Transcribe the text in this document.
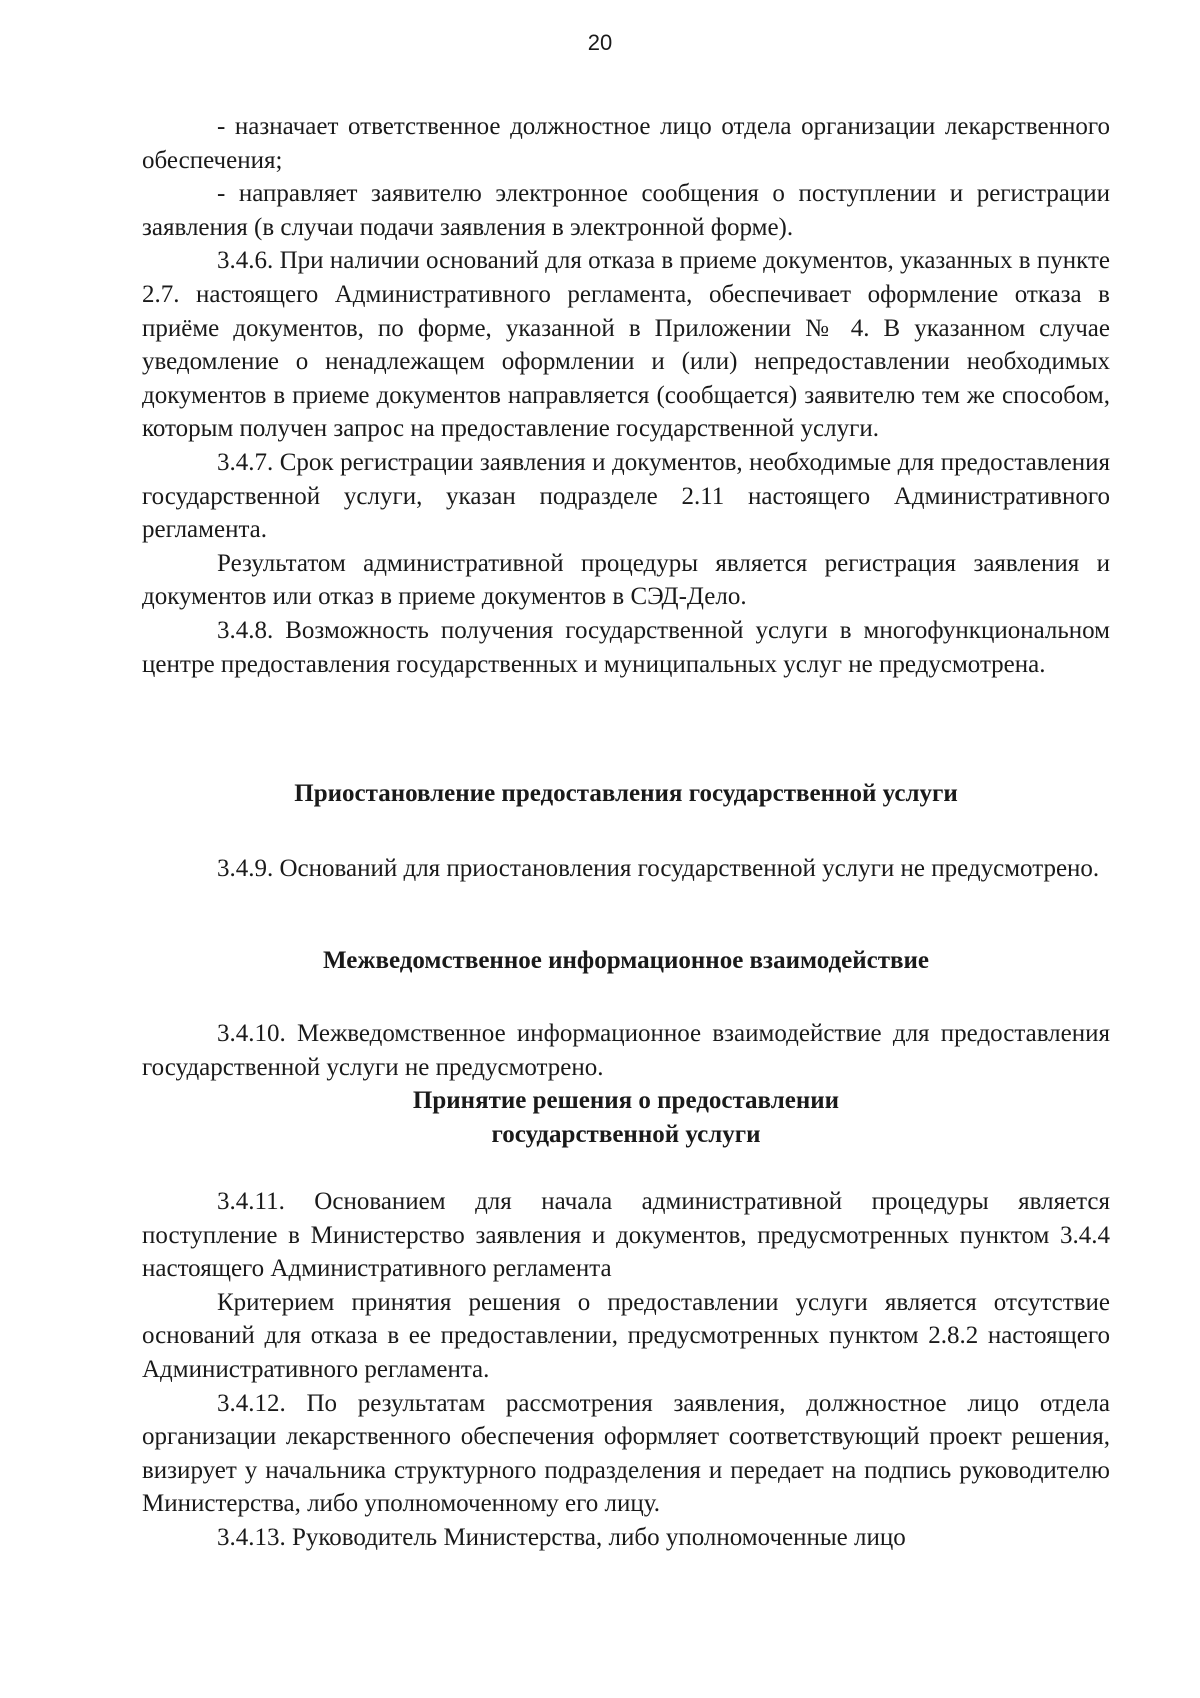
20

- назначает ответственное должностное лицо отдела организации лекарственного обеспечения;

- направляет заявителю электронное сообщения о поступлении и регистрации заявления (в случаи подачи заявления в электронной форме).

3.4.6. При наличии оснований для отказа в приеме документов, указанных в пункте 2.7. настоящего Административного регламента, обеспечивает оформление отказа в приёме документов, по форме, указанной в Приложении № 4. В указанном случае уведомление о ненадлежащем оформлении и (или) непредоставлении необходимых документов в приеме документов направляется (сообщается) заявителю тем же способом, которым получен запрос на предоставление государственной услуги.

3.4.7. Срок регистрации заявления и документов, необходимые для предоставления государственной услуги, указан подразделе 2.11 настоящего Административного регламента.

Результатом административной процедуры является регистрация заявления и документов или отказ в приеме документов в СЭД-Дело.

3.4.8. Возможность получения государственной услуги в многофункциональном центре предоставления государственных и муниципальных услуг не предусмотрена.

Приостановление предоставления государственной услуги

3.4.9. Оснований для приостановления государственной услуги не предусмотрено.

Межведомственное информационное взаимодействие

3.4.10. Межведомственное информационное взаимодействие для предоставления государственной услуги не предусмотрено.

Принятие решения о предоставлении

государственной услуги

3.4.11. Основанием для начала административной процедуры является поступление в Министерство заявления и документов, предусмотренных пунктом 3.4.4 настоящего Административного регламента

Критерием принятия решения о предоставлении услуги является отсутствие оснований для отказа в ее предоставлении, предусмотренных пунктом 2.8.2 настоящего Административного регламента.

3.4.12. По результатам рассмотрения заявления, должностное лицо отдела организации лекарственного обеспечения оформляет соответствующий проект решения, визирует у начальника структурного подразделения и передает на подпись руководителю Министерства, либо уполномоченному его лицу.

3.4.13. Руководитель Министерства, либо уполномоченные лицо
